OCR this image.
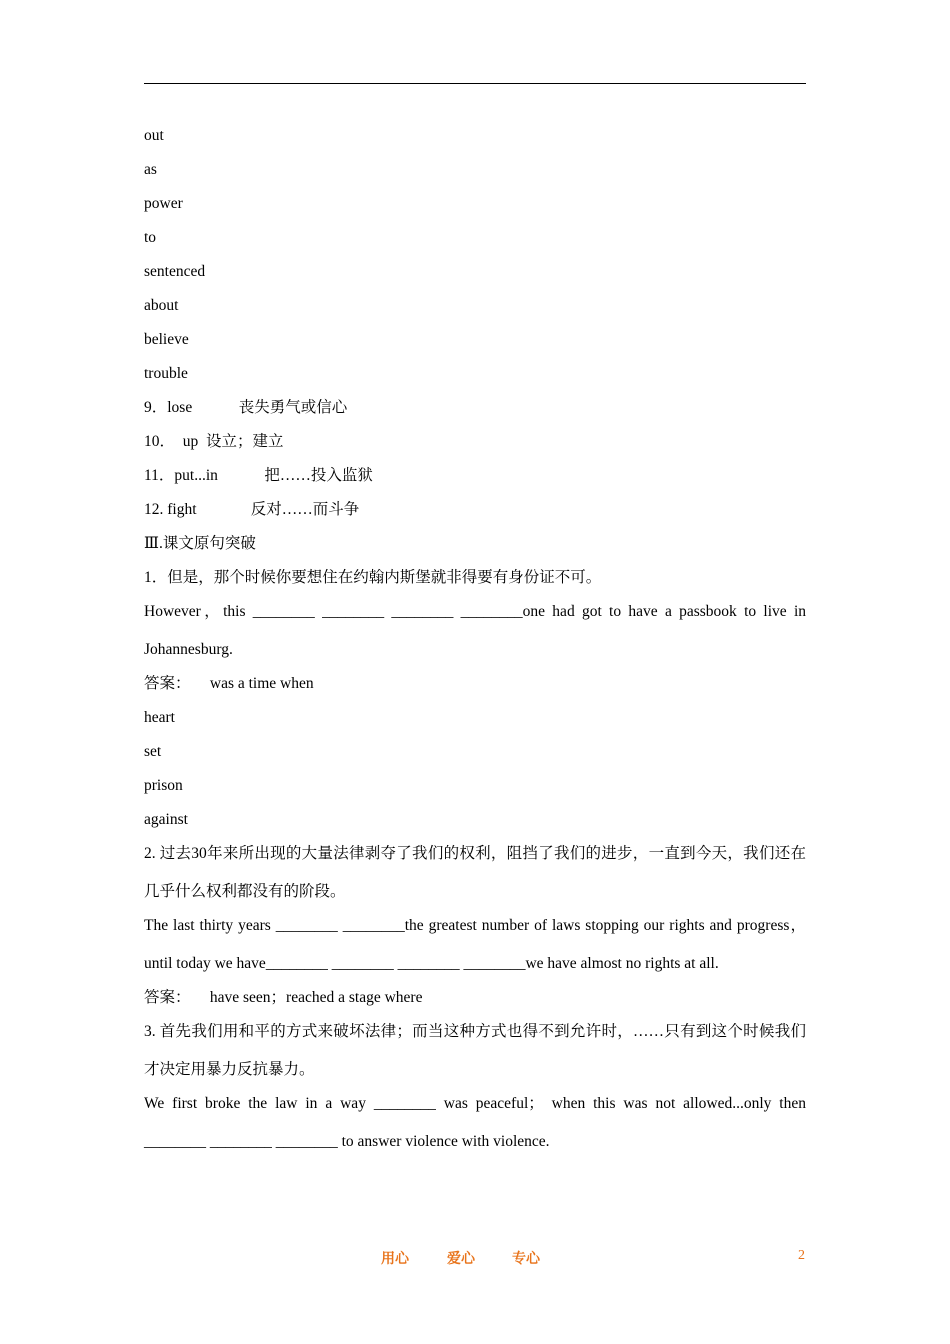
out
as
power
to
sentenced
about
believe
trouble
9．lose            丧失勇气或信心
10．  up  设立；建立
11．put...in            把……投入监狱
12. fight              反对……而斗争
Ⅲ.课文原句突破
1．但是，那个时候你要想住在约翰内斯堡就非得要有身份证不可。
However，this ________ ________ ________ ________one had got to have a passbook to live in Johannesburg.
答案：     was a time when
heart
set
prison
against
2. 过去30年来所出现的大量法律剥夺了我们的权利，阻挡了我们的进步，一直到今天，我们还在几乎什么权利都没有的阶段。
The last thirty years ________ ________the greatest number of laws stopping our rights and progress，until today we have________ ________ ________ ________we have almost no rights at all.
答案：     have seen；reached a stage where
3. 首先我们用和平的方式来破坏法律；而当这种方式也得不到允许时，……只有到这个时候我们才决定用暴力反抗暴力。
We first broke the law in a way ________ was peaceful； when this was not allowed...only then ________ ________ ________ to answer violence with violence.
用心	爱心	专心	2
